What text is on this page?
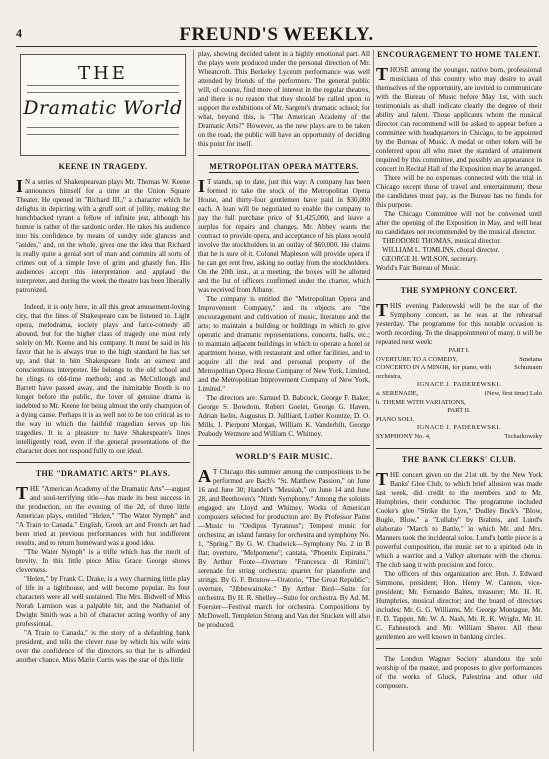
4	FREUND'S WEEKLY.
THE
Dramatic World
KEENE IN TRAGEDY.

I N a series of Shakespearean plays Mr. Thomas W. Keene announces himself for a time at the Union Square Theater. He opened in "Richard III.," a character which he delights in depicting with a gruff sort of jollity, making the hunchbacked tyrant a fellow of infinite jest, although his humor is rather of the sardonic order. He takes his audience into his confidence by means of sundry side glances and "asides," and, on the whole, gives one the idea that Richard is really quite a genial sort of man and commits all sorts of crimes out of a simple love of grim and ghastly fun. His audiences accept this interpretation and applaud the interpreter, and during the week the theatre has been liberally patronized.

Indeed, it is only here, in all this great amusement-loving city, that the lines of Shakespeare can be listened to. Light opera, melodrama, society plays and farce-comedy all abound, but for the higher class of tragedy one must rely solely on Mr. Keene and his company. It must be said in his favor that he is always true to the high standard he has set up, and that in him Shakespeare finds an earnest and conscientious interpreter. He belongs to the old school and he clings to old-time methods; and as McCullough and Barrett have passed away, and the inimitable Booth is no longer before the public, the lover of genuine drama is indebted to Mr. Keene for being almost the only champion of a dying cause. Perhaps it is as well not to be too critical as to the way in which the faithful tragedian serves up his tragedies. It is a pleasure to have Shakespeare's lines intelligently read, even if the general presentations of the character does not respond fully to our ideal.

THE "DRAMATIC ARTS" PLAYS.

THE "American Academy of the Dramatic Arts"—august and soul-terrifying title—has made its best success in the production, on the evening of the 2d, of three little American plays, entitled "Helen," "The Water Nymph" and "A Train to Canada." English, Greek art and French art had been tried at previous performances with but indifferent results, and to return homeward was a good idea.

"The Water Nymph" is a trifle which has the merit of brevity. In this little piece Miss Grace George shows cleverness.

"Helen," by Frank C. Drake, is a very charming little play of life in a lighthouse, and will become popular. Its four characters were all well sustained. The Mrs. Bidwell of Miss Norah Lamison was a palpable hit, and the Nathaniel of Dwight Smith was a bit of character acting worthy of any professional.

"A Train to Canada," is the story of a defaulting bank president, and tells the clever ruse by which his wife wins over the confidence of the directors so that he is afforded another chance. Miss Marie Curtis was the star of this little

play, showing decided talent in a highly emotional part. All the plays were produced under the personal direction of Mr. Wheatcroft. This Berkeley Lyceum performance was well attended by friends of the performers. The general public will, of course, find more of interest in the regular theatres, and there is no reason that they should be called upon to support the exhibitions of Mr. Sargent's dramatic school; for what, beyond this, is "The American Academy of the Dramatic Arts?" However, as the new plays are to be taken on the road, the public will have an opportunity of deciding this point for itself.

METROPOLITAN OPERA MATTERS.

I T stands, up to date, just this way: A company has been formed to take the stock of the Metropolitan Opera House, and thirty-four gentlemen have paid in $30,000 each. A loan will be negotiated to enable the company to pay the full purchase price of $1,425,000, and leave a surplus for repairs and changes. Mr. Abbey wants the contract to provide opera, and acceptance of his plans would involve the stockholders in an outlay of $60,000. He claims that he is sure of it. Colonel Mapleson will provide opera if he can get rent free, asking no outlay from the stockholders. On the 20th inst., at a meeting, the boxes will be allotted and the list of officers confirmed under the charter, which was received from Albany.

The company is entitled the "Metropolitan Opera and Improvement Company," and its objects are "the encouragement and cultivation of music, literature and the arts; to maintain a building or buildings in which to give operatic and dramatic representations, concerts, balls, etc.; to maintain adjacent buildings in which to operate a hotel or apartment house, with restaurant and other facilities, and to acquire all the real and personal property of the Metropolitan Opera House Company of New York, Limited, and the Metropolitan Improvement Company of New York, Limited."

The directors are: Samuel D. Babcock, George F. Baker, George S. Bowdoin, Robert Goelet, George G. Haven, Adrian Iselin, Augustus D. Juilliard, Luther Kountze, D. O. Mills, J. Pierpont Morgan, William K. Vanderbilt, George Peabody Wetmore and William C. Whitney.

WORLD'S FAIR MUSIC.

A T Chicago this summer among the compositions to be performed are Bach's "St. Matthew Passion," on June 16 and June 30; Handel's "Messiah," on June 14 and June 28, and Beethoven's "Ninth Symphony." Among the soloists engaged are Lloyd and Whitney. Works of American composers selected for production are: By Professor Paine—Music to "Oedipus Tyrannus"; Tempest music for orchestra; an island fantasy for orchestra and symphony No. 1, "Spring." By G. W. Chadwick—Symphony No. 2 in B flat; overture, "Melpomene"; cantata, "Phoenix Expirans." By Arthur Foote—Overture "Francesca di Rimini"; serenade for string orchestra; quartet for pianoforte and strings. By G. F. Bristow—Oratorio, "The Great Republic"; overture, "Jibbewainoke." By Arthur Bird—Suite for orchestra. By H. R. Shelley—Suite for orchestra. By Ad. M. Foerster—Festival march for orchestra. Compositions by McDowell, Templeton Strong and Van der Stucken will also be produced.

ENCOURAGEMENT TO HOME TALENT.

THOSE among the younger, native born, professional musicians of this country who may desire to avail themselves of the opportunity, are invited to communicate with the Bureau of Music before May 1st, with such testimonials as shall indicate clearly the degree of their ability and talent. Those applicants whom the musical director can recommend will be asked to appear before a committee with headquarters in Chicago, to be appointed by the Bureau of Music. A medal or other token will be conferred upon all who meet the standard of attainment required by this committee, and possibly an appearance in concert in Recital Hall of the Exposition may be arranged.

There will be no expenses connected with the trial in Chicago except those of travel and entertainment; these the candidates must pay, as the Bureau has no funds for this purpose.

The Chicago Committee will not be convened until after the opening of the Exposition in May, and will hear no candidates not recommended by the musical director.

THEODORE THOMAS, musical director.
WILLIAM L. TOMLINS, choral director.
GEORGE H. WILSON, secretary.
World's Fair Bureau of Music.
THE SYMPHONY CONCERT.

THIS evening Paderewski will be the star of the Symphony concert, as he was at the rehearsal yesterday. The programme for this notable occasion is worth recording. To the disappointment of many, it will be repeated next week:

PART I.
OVERTURE TO A COMEDY,	Smetana
CONCERTO IN A MINOR, for piano, with orchestra,
Schumann
IGNACE J. PADEREWSKI.
a. SERENADE,	(New, first time) Lalo
b. THEME WITH VARIATIONS,
PART II.
PIANO SOLI.
IGNACE J. PADEREWSKI.
SYMPHONY No. 4,	Tschaikowsky
THE BANK CLERKS' CLUB.

THE concert given on the 21st ult. by the New York Banks' Glee Club, to which brief allusion was made last week, did credit to the members and to Mr. Humphries, their conductor. The programme included Cooke's glee "Strike the Lyre," Dudley Buck's "Blow, Bugle, Blow," a "Lullaby" by Brahms, and Lund's elaborate "March to Battle," in which Mr. and Mrs. Manners took the incidental solos. Lund's battle piece is a powerful composition, the music set to a spirited ode in which a warrior and a Valkyr alternate with the chorus. The club sang it with precision and force.

The officers of this organization are: Hon. J. Edward Simmons, president; Hon. Henry W. Cannon, vice-president; Mr. Fernando Baltes, treasurer; Mr. H. R. Humphries, musical director; and the board of directors includes: Mr. G. G. Williams, Mr. George Montague, Mr. F. D. Tappen, Mr. W. A. Nash, Mr. R. K. Wright, Mr. H. C. Fahnestock and Mr. William Sherer. All these gentlemen are well known in banking circles.

The London Wagner Society abandons the sole worship of the master, and proposes to give performances of the works of Gluck, Palestrina and other old composers.
